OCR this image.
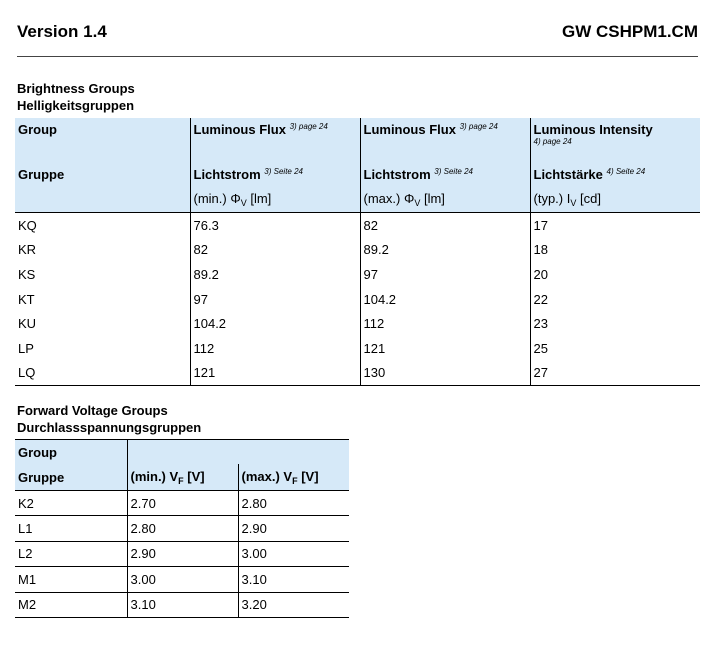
Version 1.4	GW CSHPM1.CM
Brightness Groups
Helligkeitsgruppen
Group	Luminous Flux $^{3) page 24}$	Luminous Flux $^{3) page 24}$	Luminous Intensity
4) page 24

Gruppe	Lichtstrom $^{3) Seite 24}$	Lichtstrom $^{3) Seite 24}$	Lichtstärke $^{4) Seite 24}$
	(min.) $\Phi_V$ [lm]	(max.) $\Phi_V$ [lm]	(typ.) $I_V$ [cd]
KQ	76.3	82	17
KR	82	89.2	18
KS	89.2	97	20
KT	97	104.2	22
KU	104.2	112	23
LP	112	121	25
LQ	121	130	27
Forward Voltage Groups
Durchlassspannungsgruppen
Group		
Gruppe	(min.) $V_F$ [V]	(max.) $V_F$ [V]
K2	2.70	2.80
L1	2.80	2.90
L2	2.90	3.00
M1	3.00	3.10
M2	3.10	3.20
